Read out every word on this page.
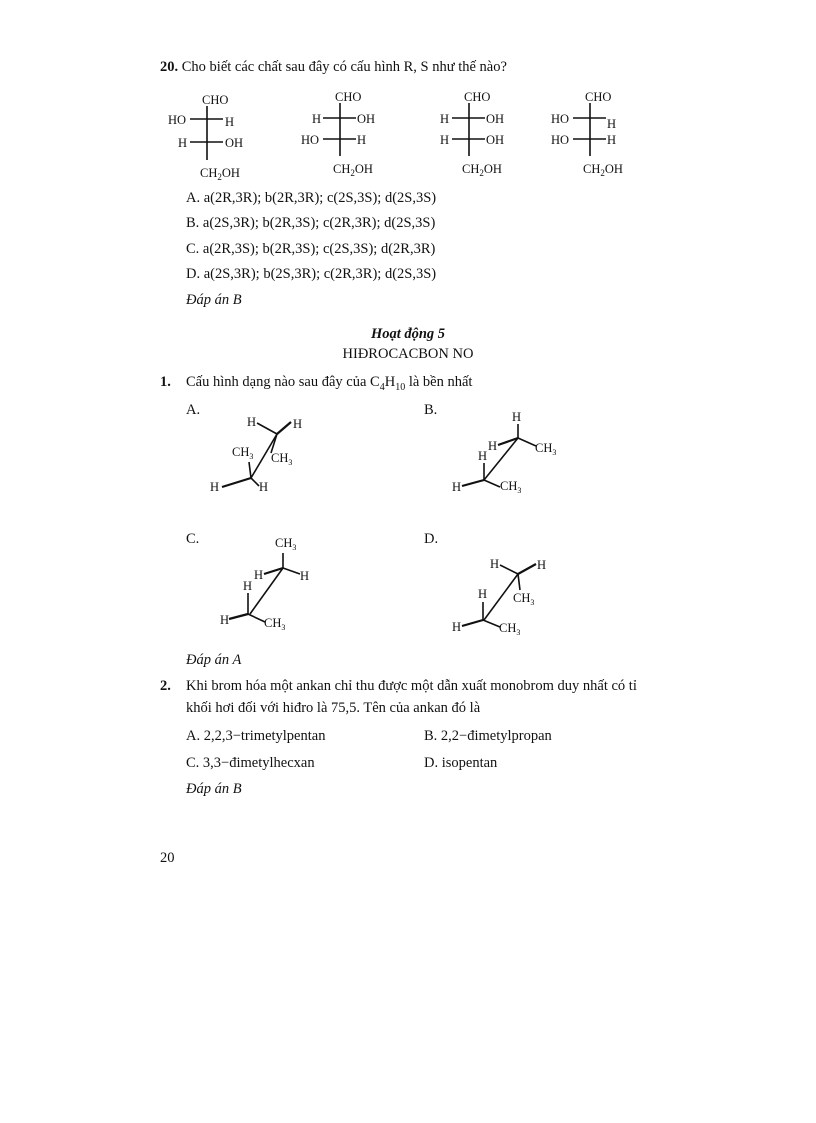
20. Cho biết các chất sau đây có cấu hình R, S như thế nào?
CHO
HO	H
H	OH
$CH_2OH$
CHO
H	OH
HO	H
$CH_2OH$
CHO
H	OH
H	OH
$CH_2OH$
CHO
HO	H
HO	H
$CH_2OH$
A. a(2R,3R); b(2R,3R); c(2S,3S); d(2S,3S)
B. a(2S,3R); b(2R,3S); c(2R,3R); d(2S,3S)
C. a(2R,3S); b(2R,3S); c(2S,3S); d(2R,3R)
D. a(2S,3R); b(2S,3R); c(2R,3R); d(2S,3S)
Đáp án B
Hoạt động 5
HIĐROCACBON NO
1. Cấu hình dạng nào sau đây của $C_4H_{10}$ là bền nhất
A.	B.
C.	D.
H	H
$CH_3$ $CH_3$
H	H
H
H	$CH_3$
H
H	$CH_3$
$CH_3$
H	H
H
H	$CH_3$
H	H
$CH_3$
H
H	$CH_3$
Đáp án A
2. Khi brom hóa một ankan chỉ thu được một dẫn xuất monobrom duy nhất có tỉ
khối hơi đối với hiđro là 75,5. Tên của ankan đó là
A. 2,2,3−trimetylpentan	B. 2,2−đimetylpropan
C. 3,3−đimetylhecxan	D. isopentan
Đáp án B
20
